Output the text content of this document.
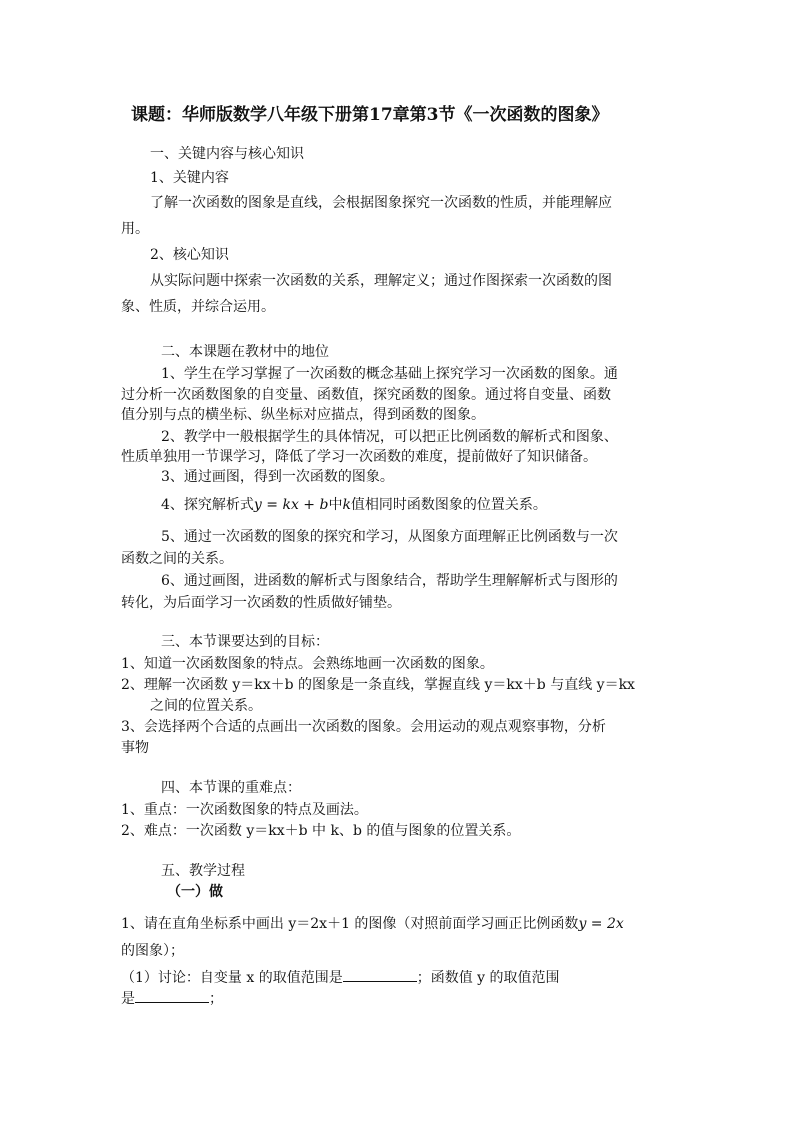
课题：华师版数学八年级下册第17章第3节《一次函数的图象》
一、关键内容与核心知识
1、关键内容
了解一次函数的图象是直线，会根据图象探究一次函数的性质，并能理解应
用。
2、核心知识
从实际问题中探索一次函数的关系，理解定义；通过作图探索一次函数的图
象、性质，并综合运用。
二、本课题在教材中的地位
1、学生在学习掌握了一次函数的概念基础上探究学习一次函数的图象。通
过分析一次函数图象的自变量、函数值，探究函数的图象。通过将自变量、函数
值分别与点的横坐标、纵坐标对应描点，得到函数的图象。
2、教学中一般根据学生的具体情况，可以把正比例函数的解析式和图象、
性质单独用一节课学习，降低了学习一次函数的难度，提前做好了知识储备。
3、通过画图，得到一次函数的图象。
4、探究解析式y = kx + b中k值相同时函数图象的位置关系。
5、通过一次函数的图象的探究和学习，从图象方面理解正比例函数与一次
函数之间的关系。
6、通过画图，进函数的解析式与图象结合，帮助学生理解解析式与图形的
转化，为后面学习一次函数的性质做好铺垫。
三、本节课要达到的目标：
1、知道一次函数图象的特点。会熟练地画一次函数的图象。
2、理解一次函数 y＝kx＋b 的图象是一条直线，掌握直线 y＝kx＋b 与直线 y＝kx
之间的位置关系。
3、会选择两个合适的点画出一次函数的图象。会用运动的观点观察事物，分析
事物
四、本节课的重难点：
1、重点：一次函数图象的特点及画法。
2、难点：一次函数 y＝kx＋b 中 k、b 的值与图象的位置关系。
五、教学过程
（一）做
1、请在直角坐标系中画出 y＝2x＋1 的图像（对照前面学习画正比例函数y = 2x
的图象）；
（1）讨论：自变量 x 的取值范围是	；函数值 y 的取值范围
是	；
